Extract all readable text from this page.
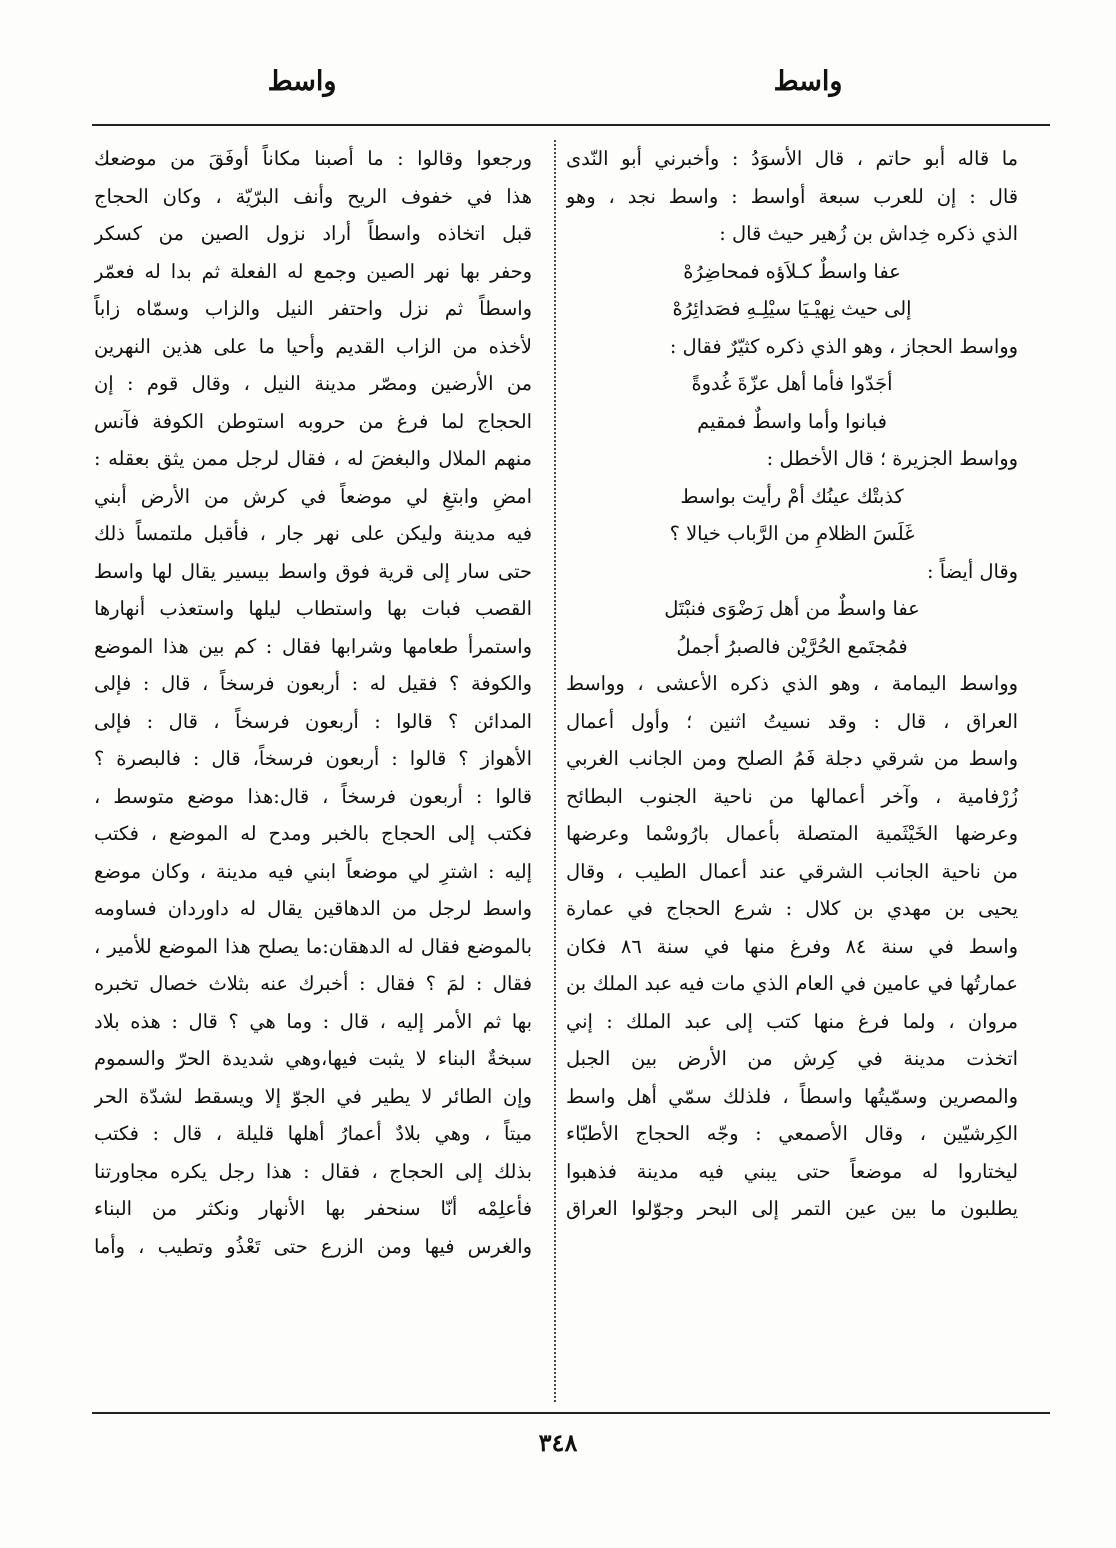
واسط
واسط

ما قاله أبو حاتم ، قال الأسوَدُ : وأخبرني أبو النّدى

قال : إن للعرب سبعة أواسط : واسط نجد ، وهو

الذي ذكره خِداش بن زُهير حيث قال :

عفا واسطٌ كـلاَؤه فمحاضِرُهْ

إلى حيث نِهيْـيَا سيْلِـهِ فصَدائِرُهْ

وواسط الحجاز ، وهو الذي ذكره كثيّرٌ فقال :

أجَدّوا فأما أهل عزّةَ غُدوةً

فبانوا وأما واسطٌ فمقيم

وواسط الجزيرة ؛ قال الأخطل :

كذبتْك عينُك أمْ رأيت بواسط

غَلَسَ الظلامِ من الرَّباب خيالا ؟

وقال أيضاً :

عفا واسطٌ من أهل رَضْوَى فنبْتَل

فمُجتَمع الحُرَّيْن فالصبرُ أجملُ

وواسط اليمامة ، وهو الذي ذكره الأعشى ، وواسط

العراق ، قال : وقد نسيتُ اثنين ؛ وأول أعمال

واسط من شرقي دجلة فَمُ الصلح ومن الجانب الغربي

زُرْفامية ، وآخر أعمالها من ناحية الجنوب البطائح

وعرضها الخَيْثَمية المتصلة بأعمال بارُوسْما وعرضها

من ناحية الجانب الشرقي عند أعمال الطيب ، وقال

يحيى بن مهدي بن كلال : شرع الحجاج في عمارة

واسط في سنة ٨٤ وفرغ منها في سنة ٨٦ فكان

عمارتُها في عامين في العام الذي مات فيه عبد الملك بن

مروان ، ولما فرغ منها كتب إلى عبد الملك : إني

اتخذت مدينة في كِرش من الأرض بين الجبل

والمصرين وسمّيتُها واسطاً ، فلذلك سمّي أهل واسط

الكِرشيّين ، وقال الأصمعي : وجّه الحجاج الأطبّاء

ليختاروا له موضعاً حتى يبني فيه مدينة فذهبوا

يطلبون ما بين عين التمر إلى البحر وجوّلوا العراق

ورجعوا وقالوا : ما أصبنا مكاناً أوفَقَ من موضعك

هذا في خفوف الريح وأنف البرّيّة ، وكان الحجاج

قبل اتخاذه واسطاً أراد نزول الصين من كسكر

وحفر بها نهر الصين وجمع له الفعلة ثم بدا له فعمّر

واسطاً ثم نزل واحتفر النيل والزاب وسمّاه زاباً

لأخذه من الزاب القديم وأحيا ما على هذين النهرين

من الأرضين ومصّر مدينة النيل ، وقال قوم : إن

الحجاج لما فرغ من حروبه استوطن الكوفة فآنس

منهم الملال والبغضَ له ، فقال لرجل ممن يثق بعقله :

امضِ وابتغِ لي موضعاً في كرش من الأرض أبني

فيه مدينة وليكن على نهر جار ، فأقبل ملتمساً ذلك

حتى سار إلى قرية فوق واسط بيسير يقال لها واسط

القصب فبات بها واستطاب ليلها واستعذب أنهارها

واستمرأ طعامها وشرابها فقال : كم بين هذا الموضع

والكوفة ؟ فقيل له : أربعون فرسخاً ، قال : فإلى

المدائن ؟ قالوا : أربعون فرسخاً ، قال : فإلى

الأهواز ؟ قالوا : أربعون فرسخاً، قال : فالبصرة ؟

قالوا : أربعون فرسخاً ، قال:هذا موضع متوسط ،

فكتب إلى الحجاج بالخبر ومدح له الموضع ، فكتب

إليه : اشترِ لي موضعاً ابني فيه مدينة ، وكان موضع

واسط لرجل من الدهاقين يقال له داوردان فساومه

بالموضع فقال له الدهقان:ما يصلح هذا الموضع للأمير ،

فقال : لمَ ؟ فقال : أخبرك عنه بثلاث خصال تخبره

بها ثم الأمر إليه ، قال : وما هي ؟ قال : هذه بلاد

سبخةٌ البناء لا يثبت فيها،وهي شديدة الحرّ والسموم

وإن الطائر لا يطير في الجوّ إلا ويسقط لشدّة الحر

ميتاً ، وهي بلادٌ أعمارُ أهلها قليلة ، قال : فكتب

بذلك إلى الحجاج ، فقال : هذا رجل يكره مجاورتنا

فأعلِمْه أنّا سنحفر بها الأنهار ونكثر من البناء

والغرس فيها ومن الزرع حتى تَعْذُو وتطيب ، وأما

٣٤٨
